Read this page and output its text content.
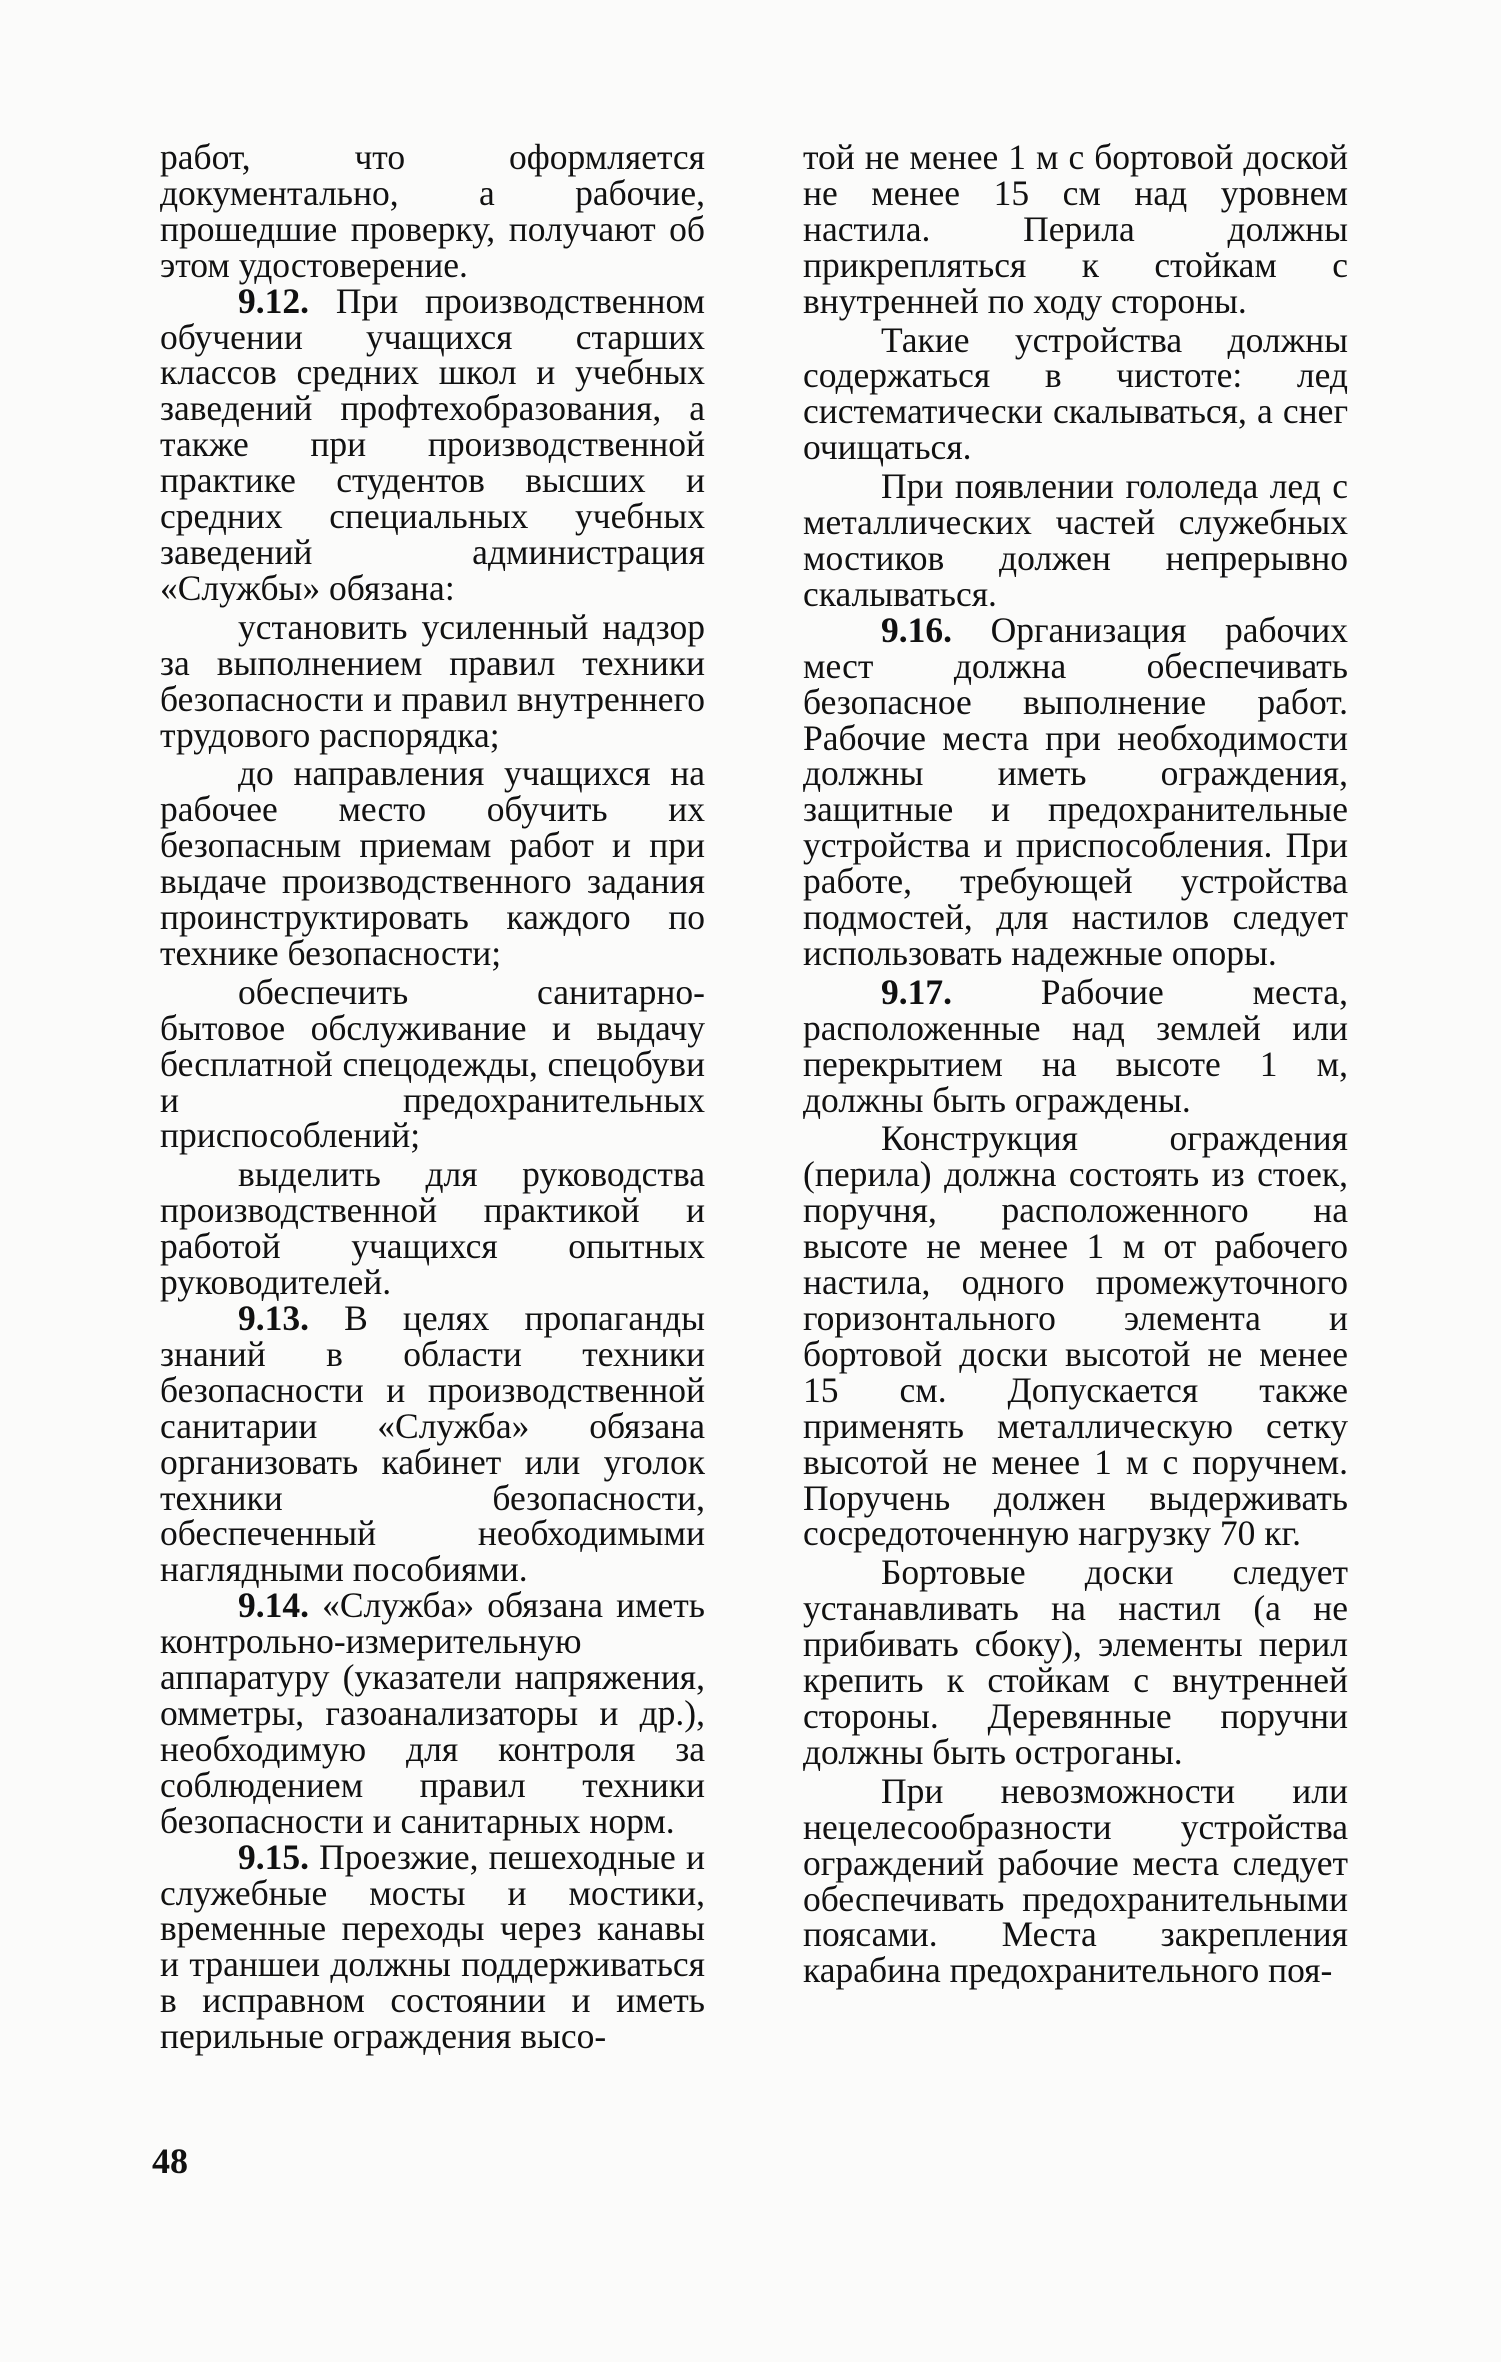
работ, что оформляется документально, а рабочие, прошедшие проверку, получают об этом удостоверение.

9.12. При производственном обучении учащихся старших классов средних школ и учебных заведений профтехобразования, а также при производственной практике студентов высших и средних специальных учебных заведений администрация «Службы» обязана:

установить усиленный надзор за выполнением правил техники безопасности и правил внутреннего трудового распорядка;

до направления учащихся на рабочее место обучить их безопасным приемам работ и при выдаче производственного задания проинструктировать каждого по технике безопасности;

обеспечить санитарно-бытовое обслуживание и выдачу бесплатной спецодежды, спецобуви и предохранительных приспособлений;

выделить для руководства производственной практикой и работой учащихся опытных руководителей.

9.13. В целях пропаганды знаний в области техники безопасности и производственной санитарии «Служба» обязана организовать кабинет или уголок техники безопасности, обеспеченный необходимыми наглядными пособиями.

9.14. «Служба» обязана иметь контрольно-измерительную аппаратуру (указатели напряжения, омметры, газоанализаторы и др.), необходимую для контроля за соблюдением правил техники безопасности и санитарных норм.

9.15. Проезжие, пешеходные и служебные мосты и мостики, временные переходы через канавы и траншеи должны поддерживаться в исправном состоянии и иметь перильные ограждения высо-

той не менее 1 м с бортовой доской не менее 15 см над уровнем настила. Перила должны прикрепляться к стойкам с внутренней по ходу стороны.

Такие устройства должны содержаться в чистоте: лед систематически скалываться, а снег очищаться.

При появлении гололеда лед с металлических частей служебных мостиков должен непрерывно скалываться.

9.16. Организация рабочих мест должна обеспечивать безопасное выполнение работ. Рабочие места при необходимости должны иметь ограждения, защитные и предохранительные устройства и приспособления. При работе, требующей устройства подмостей, для настилов следует использовать надежные опоры.

9.17. Рабочие места, расположенные над землей или перекрытием на высоте 1 м, должны быть ограждены.

Конструкция ограждения (перила) должна состоять из стоек, поручня, расположенного на высоте не менее 1 м от рабочего настила, одного промежуточного горизонтального элемента и бортовой доски высотой не менее 15 см. Допускается также применять металлическую сетку высотой не менее 1 м с поручнем. Поручень должен выдерживать сосредоточенную нагрузку 70 кг.

Бортовые доски следует устанавливать на настил (а не прибивать сбоку), элементы перил крепить к стойкам с внутренней стороны. Деревянные поручни должны быть остроганы.

При невозможности или нецелесообразности устройства ограждений рабочие места следует обеспечивать предохранительными поясами. Места закрепления карабина предохранительного поя-

48
